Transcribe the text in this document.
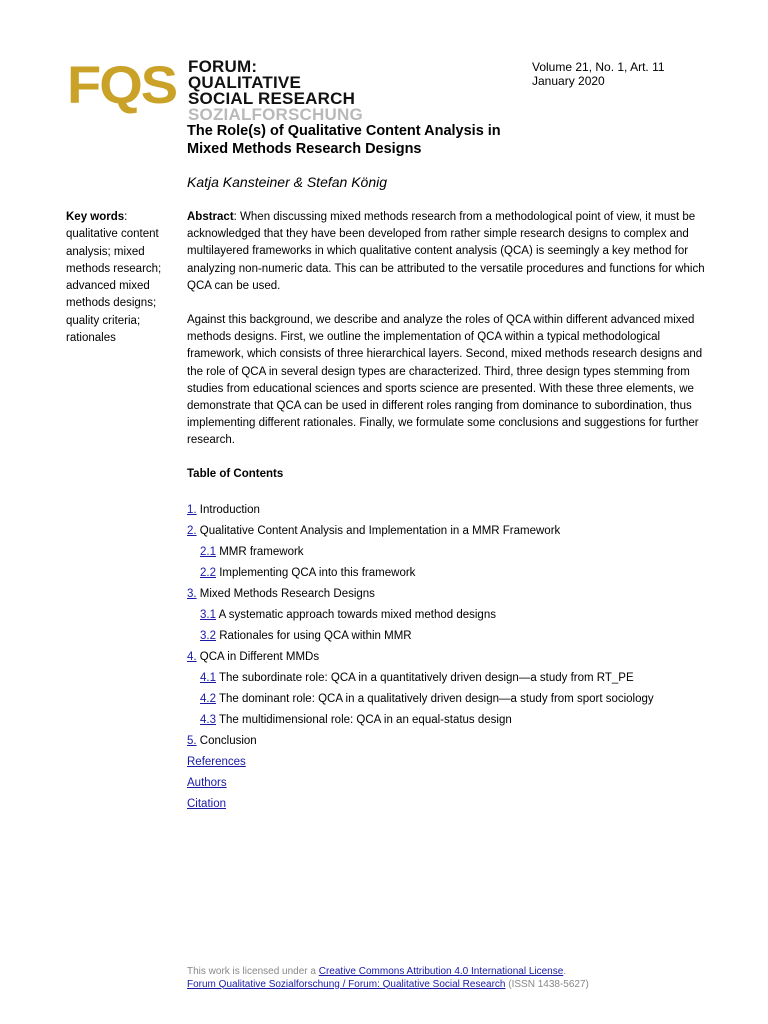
FQS FORUM: QUALITATIVE
SOCIAL RESEARCH
SOZIALFORSCHUNG
Volume 21, No. 1, Art. 11
January 2020
The Role(s) of Qualitative Content Analysis in
Mixed Methods Research Designs
Katja Kansteiner & Stefan König
Key words: qualitative content analysis; mixed methods research; advanced mixed methods designs; quality criteria; rationales

Abstract: When discussing mixed methods research from a methodological point of view, it must be acknowledged that they have been developed from rather simple research designs to complex and multilayered frameworks in which qualitative content analysis (QCA) is seemingly a key method for analyzing non-numeric data. This can be attributed to the versatile procedures and functions for which QCA can be used.

Against this background, we describe and analyze the roles of QCA within different advanced mixed methods designs. First, we outline the implementation of QCA within a typical methodological framework, which consists of three hierarchical layers. Second, mixed methods research designs and the role of QCA in several design types are characterized. Third, three design types stemming from studies from educational sciences and sports science are presented. With these three elements, we demonstrate that QCA can be used in different roles ranging from dominance to subordination, thus implementing different rationales. Finally, we formulate some conclusions and suggestions for further research.

Table of Contents
1. Introduction
2. Qualitative Content Analysis and Implementation in a MMR Framework
2.1 MMR framework
2.2 Implementing QCA into this framework
3. Mixed Methods Research Designs
3.1 A systematic approach towards mixed method designs
3.2 Rationales for using QCA within MMR
4. QCA in Different MMDs
4.1 The subordinate role: QCA in a quantitatively driven design—a study from RT_PE
4.2 The dominant role: QCA in a qualitatively driven design—a study from sport sociology
4.3 The multidimensional role: QCA in an equal-status design
5. Conclusion
References
Authors
Citation
This work is licensed under a Creative Commons Attribution 4.0 International License.
Forum Qualitative Sozialforschung / Forum: Qualitative Social Research (ISSN 1438-5627)
